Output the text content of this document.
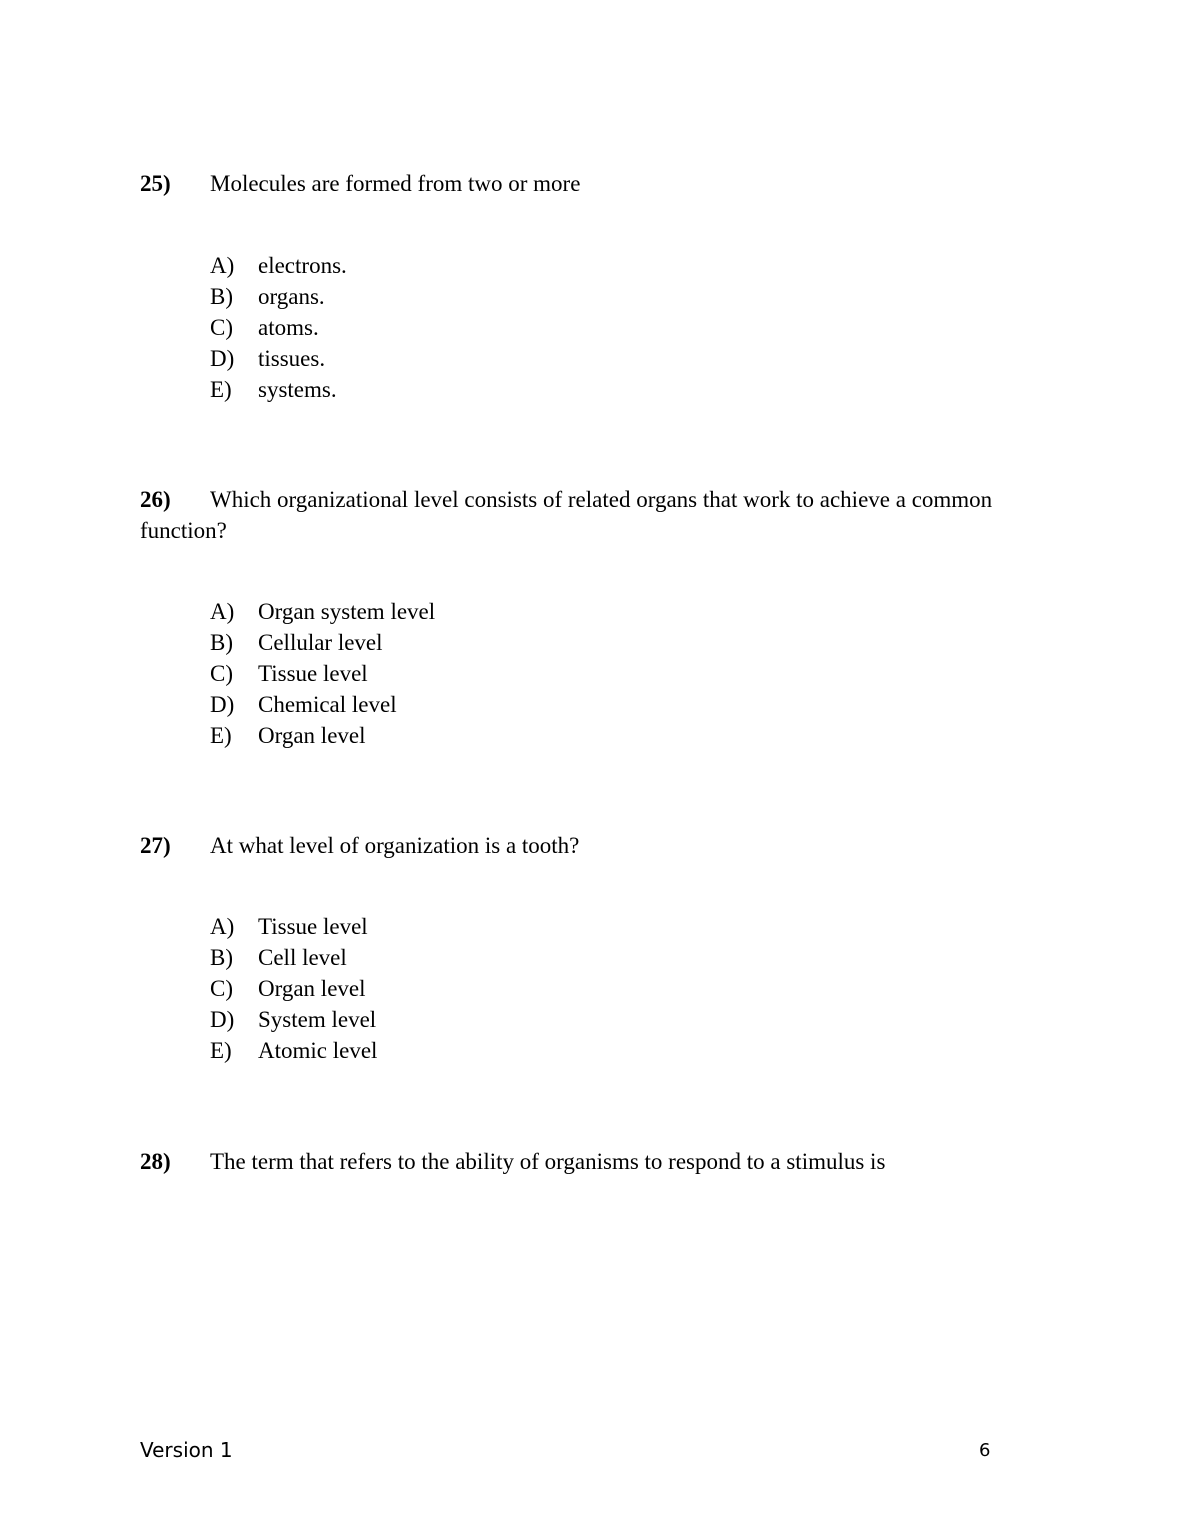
25) Molecules are formed from two or more
A) electrons.
B) organs.
C) atoms.
D) tissues.
E) systems.
26) Which organizational level consists of related organs that work to achieve a common function?
A) Organ system level
B) Cellular level
C) Tissue level
D) Chemical level
E) Organ level
27) At what level of organization is a tooth?
A) Tissue level
B) Cell level
C) Organ level
D) System level
E) Atomic level
28) The term that refers to the ability of organisms to respond to a stimulus is
Version 1	6
